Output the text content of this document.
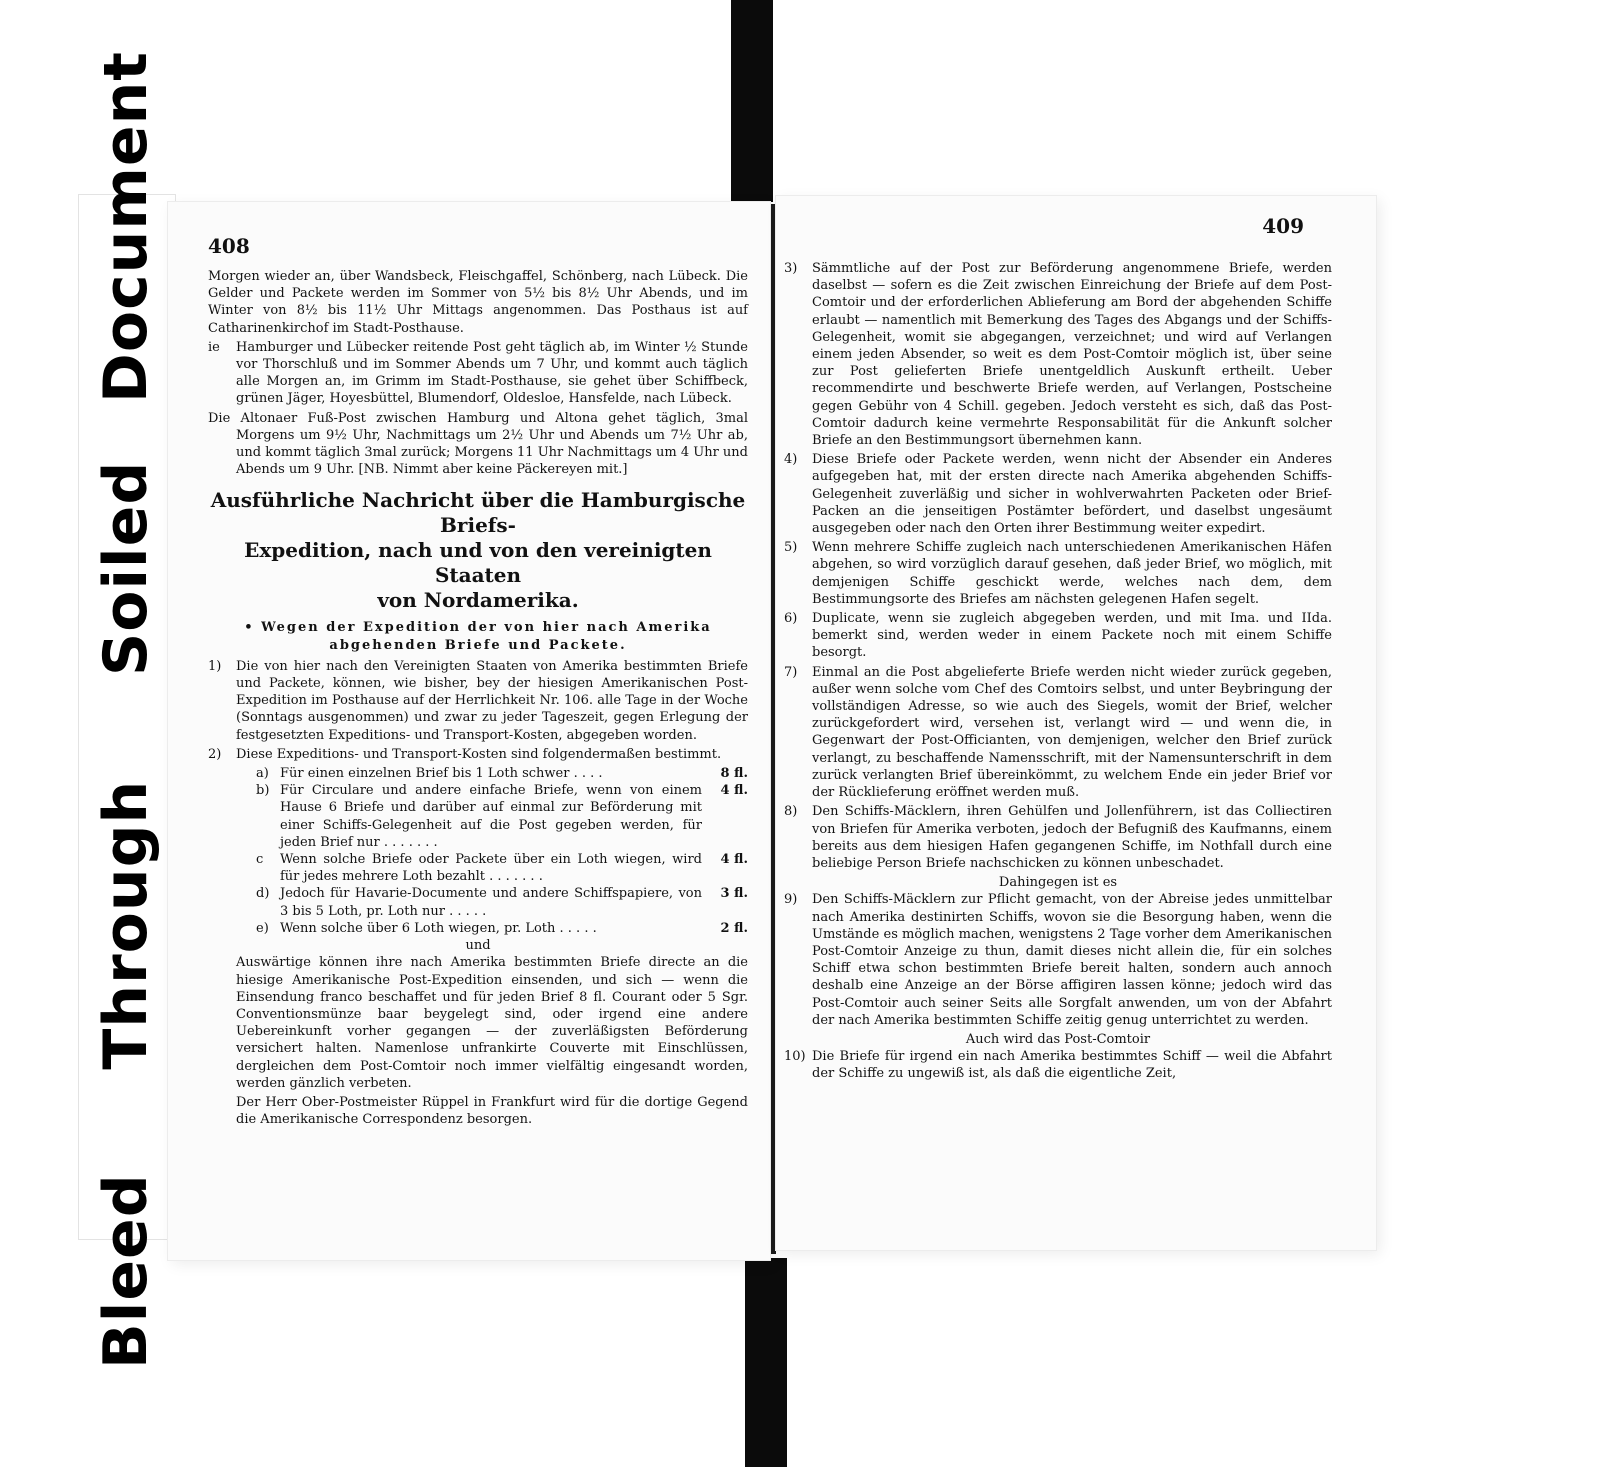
Bleed  Through  Soiled  Document 408

Morgen wieder an, über Wandsbeck, Fleischgaffel, Schönberg, nach Lübeck. Die Gelder und Packete werden im Sommer von 5½ bis 8½ Uhr Abends, und im Winter von 8½ bis 11½ Uhr Mittags angenommen. Das Posthaus ist auf Catharinenkirchof im Stadt-Posthause.

ie Hamburger und Lübecker reitende Post geht täglich ab, im Winter ½ Stunde vor Thorschluß und im Sommer Abends um 7 Uhr, und kommt auch täglich alle Morgen an, im Grimm im Stadt-Posthause, sie gehet über Schiffbeck, grünen Jäger, Hoyesbüttel, Blumendorf, Oldesloe, Hansfelde, nach Lübeck.

Die Altonaer Fuß-Post zwischen Hamburg und Altona gehet täglich, 3mal Morgens um 9½ Uhr, Nachmittags um 2½ Uhr und Abends um 7½ Uhr ab, und kommt täglich 3mal zurück; Morgens 11 Uhr Nachmittags um 4 Uhr und Abends um 9 Uhr. [NB. Nimmt aber keine Päckereyen mit.]

Ausführliche Nachricht über die Hamburgische Briefs-
Expedition, nach und von den vereinigten Staaten
von Nordamerika.
• Wegen der Expedition der von hier nach Amerika
abgehenden Briefe und Packete.

1) Die von hier nach den Vereinigten Staaten von Amerika bestimmten Briefe und Packete, können, wie bisher, bey der hiesigen Amerikanischen Post-Expedition im Posthause auf der Herrlichkeit Nr. 106. alle Tage in der Woche (Sonntags ausgenommen) und zwar zu jeder Tageszeit, gegen Erlegung der festgesetzten Expeditions- und Transport-Kosten, abgegeben worden.

2) Diese Expeditions- und Transport-Kosten sind folgendermaßen bestimmt.

a) Für einen einzelnen Brief bis 1 Loth schwer . . . .	8 fl.
b) Für Circulare und andere einfache Briefe, wenn von einem Hause 6 Briefe und darüber auf einmal zur Beförderung mit einer Schiffs-Gelegenheit auf die Post gegeben werden, für jeden Brief nur . . . . . . .
4 fl.
c	Wenn solche Briefe oder Packete über ein Loth wiegen, wird für jedes mehrere Loth bezahlt . . . . . . .
4 fl.
d) Jedoch für Havarie-Documente und andere Schiffspapiere, von 3 bis 5 Loth, pr. Loth nur . . . . .
3 fl.
e) Wenn solche über 6 Loth wiegen, pr. Loth . . . . .	2 fl.
und

Auswärtige können ihre nach Amerika bestimmten Briefe directe an die hiesige Amerikanische Post-Expedition einsenden, und sich — wenn die Einsendung franco beschaffet und für jeden Brief 8 fl. Courant oder 5 Sgr. Conventionsmünze baar beygelegt sind, oder irgend eine andere Uebereinkunft vorher gegangen — der zuverläßigsten Beförderung versichert halten. Namenlose unfrankirte Couverte mit Einschlüssen, dergleichen dem Post-Comtoir noch immer vielfältig eingesandt worden, werden gänzlich verbeten.

Der Herr Ober-Postmeister Rüppel in Frankfurt wird für die dortige Gegend die Amerikanische Correspondenz besorgen.

409

3) Sämmtliche auf der Post zur Beförderung angenommene Briefe, werden daselbst — sofern es die Zeit zwischen Einreichung der Briefe auf dem Post-Comtoir und der erforderlichen Ablieferung am Bord der abgehenden Schiffe erlaubt — namentlich mit Bemerkung des Tages des Abgangs und der Schiffs-Gelegenheit, womit sie abgegangen, verzeichnet; und wird auf Verlangen einem jeden Absender, so weit es dem Post-Comtoir möglich ist, über seine zur Post gelieferten Briefe unentgeldlich Auskunft ertheilt. Ueber recommendirte und beschwerte Briefe werden, auf Verlangen, Postscheine gegen Gebühr von 4 Schill. gegeben. Jedoch versteht es sich, daß das Post-Comtoir dadurch keine vermehrte Responsabilität für die Ankunft solcher Briefe an den Bestimmungsort übernehmen kann.

4) Diese Briefe oder Packete werden, wenn nicht der Absender ein Anderes aufgegeben hat, mit der ersten directe nach Amerika abgehenden Schiffs-Gelegenheit zuverläßig und sicher in wohlverwahrten Packeten oder Brief-Packen an die jenseitigen Postämter befördert, und daselbst ungesäumt ausgegeben oder nach den Orten ihrer Bestimmung weiter expedirt.

5) Wenn mehrere Schiffe zugleich nach unterschiedenen Amerikanischen Häfen abgehen, so wird vorzüglich darauf gesehen, daß jeder Brief, wo möglich, mit demjenigen Schiffe geschickt werde, welches nach dem, dem Bestimmungsorte des Briefes am nächsten gelegenen Hafen segelt.

6) Duplicate, wenn sie zugleich abgegeben werden, und mit Ima. und IIda. bemerkt sind, werden weder in einem Packete noch mit einem Schiffe besorgt.

7) Einmal an die Post abgelieferte Briefe werden nicht wieder zurück gegeben, außer wenn solche vom Chef des Comtoirs selbst, und unter Beybringung der vollständigen Adresse, so wie auch des Siegels, womit der Brief, welcher zurückgefordert wird, versehen ist, verlangt wird — und wenn die, in Gegenwart der Post-Officianten, von demjenigen, welcher den Brief zurück verlangt, zu beschaffende Namensschrift, mit der Namensunterschrift in dem zurück verlangten Brief übereinkömmt, zu welchem Ende ein jeder Brief vor der Rücklieferung eröffnet werden muß.

8) Den Schiffs-Mäcklern, ihren Gehülfen und Jollenführern, ist das Colliectiren von Briefen für Amerika verboten, jedoch der Befugniß des Kaufmanns, einem bereits aus dem hiesigen Hafen gegangenen Schiffe, im Nothfall durch eine beliebige Person Briefe nachschicken zu können unbeschadet.

Dahingegen ist es

9) Den Schiffs-Mäcklern zur Pflicht gemacht, von der Abreise jedes unmittelbar nach Amerika destinirten Schiffs, wovon sie die Besorgung haben, wenn die Umstände es möglich machen, wenigstens 2 Tage vorher dem Amerikanischen Post-Comtoir Anzeige zu thun, damit dieses nicht allein die, für ein solches Schiff etwa schon bestimmten Briefe bereit halten, sondern auch annoch deshalb eine Anzeige an der Börse affigiren lassen könne; jedoch wird das Post-Comtoir auch seiner Seits alle Sorgfalt anwenden, um von der Abfahrt der nach Amerika bestimmten Schiffe zeitig genug unterrichtet zu werden.

Auch wird das Post-Comtoir

10) Die Briefe für irgend ein nach Amerika bestimmtes Schiff — weil die Abfahrt der Schiffe zu ungewiß ist, als daß die eigentliche Zeit,
